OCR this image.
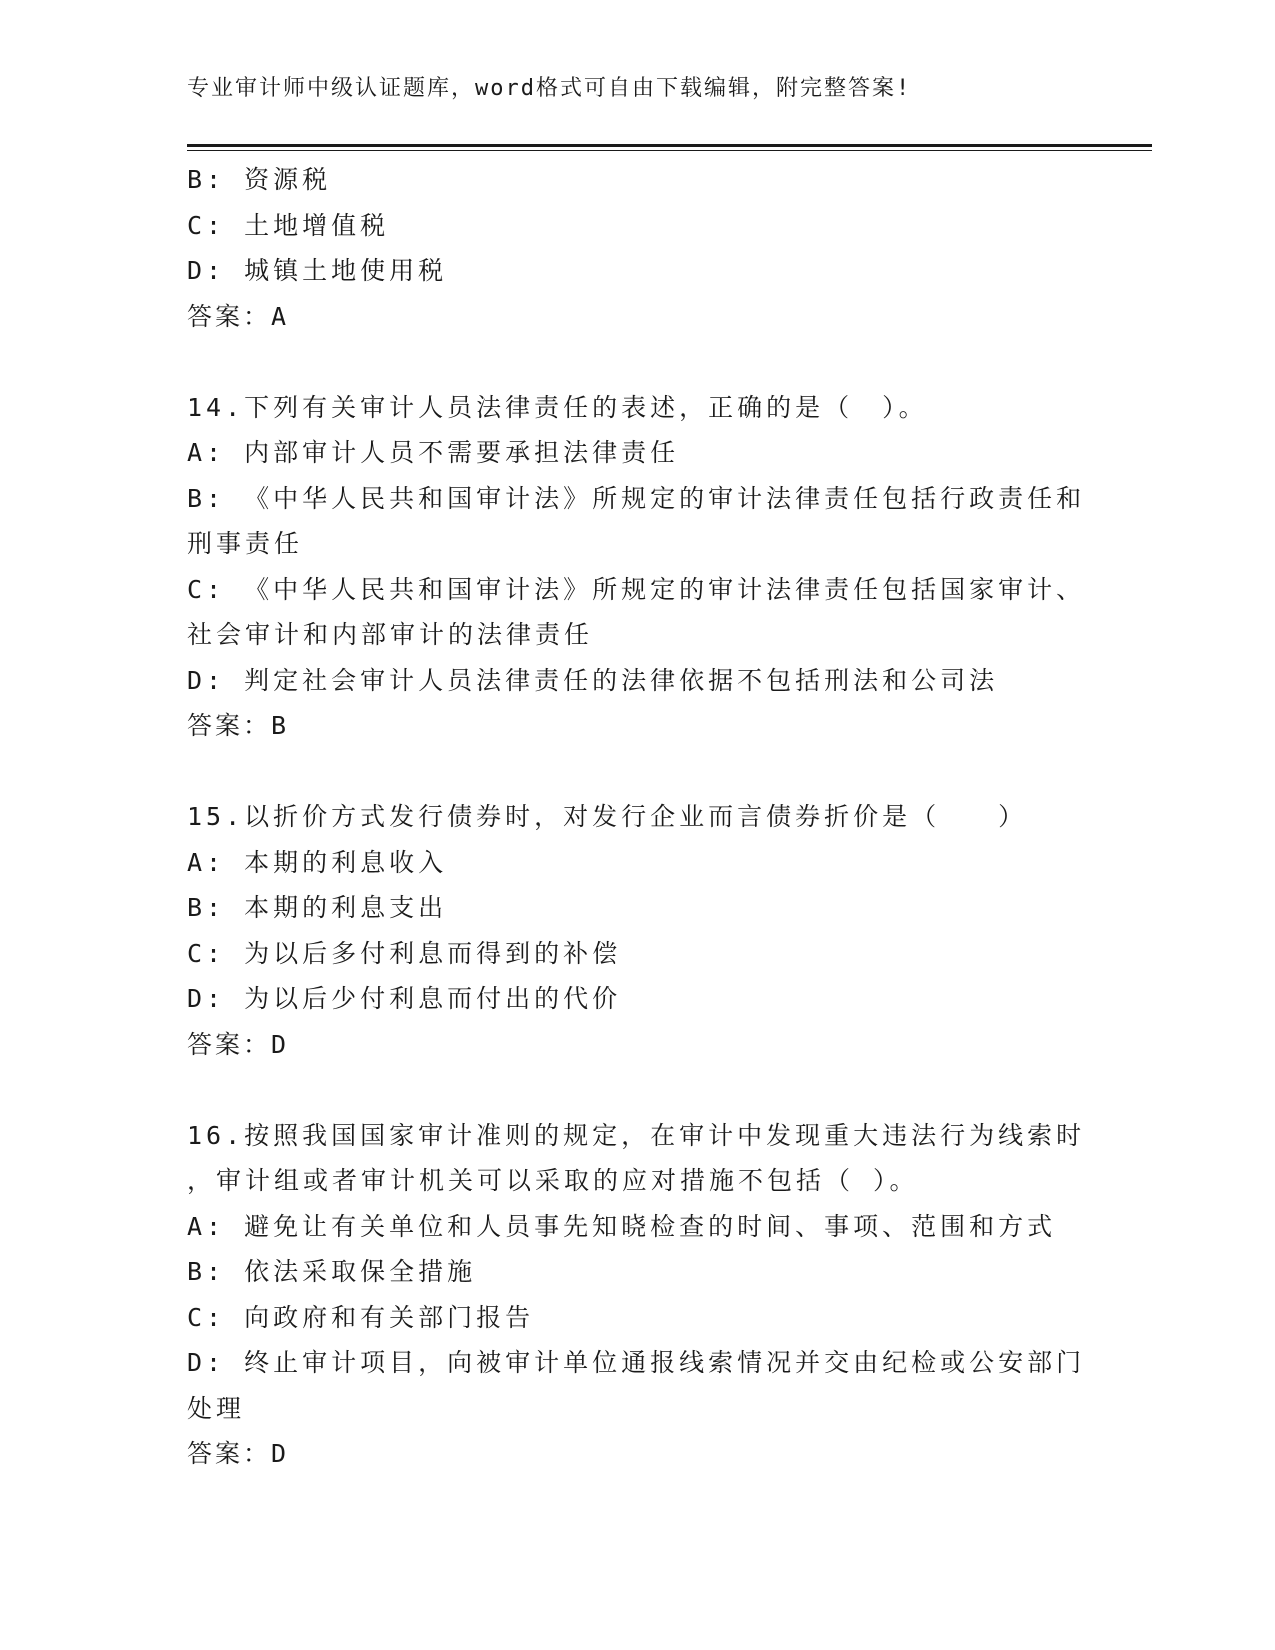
专业审计师中级认证题库，word格式可自由下载编辑，附完整答案!
B: 资源税
C: 土地增值税
D: 城镇土地使用税
答案：A
14.下列有关审计人员法律责任的表述，正确的是（　）。
A: 内部审计人员不需要承担法律责任
B: 《中华人民共和国审计法》所规定的审计法律责任包括行政责任和
刑事责任
C: 《中华人民共和国审计法》所规定的审计法律责任包括国家审计、
社会审计和内部审计的法律责任
D: 判定社会审计人员法律责任的法律依据不包括刑法和公司法
答案：B
15.以折价方式发行债券时，对发行企业而言债券折价是（　　）
A: 本期的利息收入
B: 本期的利息支出
C: 为以后多付利息而得到的补偿
D: 为以后少付利息而付出的代价
答案：D
16.按照我国国家审计准则的规定，在审计中发现重大违法行为线索时
，审计组或者审计机关可以采取的应对措施不包括（ ）。
A: 避免让有关单位和人员事先知晓检查的时间、事项、范围和方式
B: 依法采取保全措施
C: 向政府和有关部门报告
D: 终止审计项目，向被审计单位通报线索情况并交由纪检或公安部门
处理
答案：D
